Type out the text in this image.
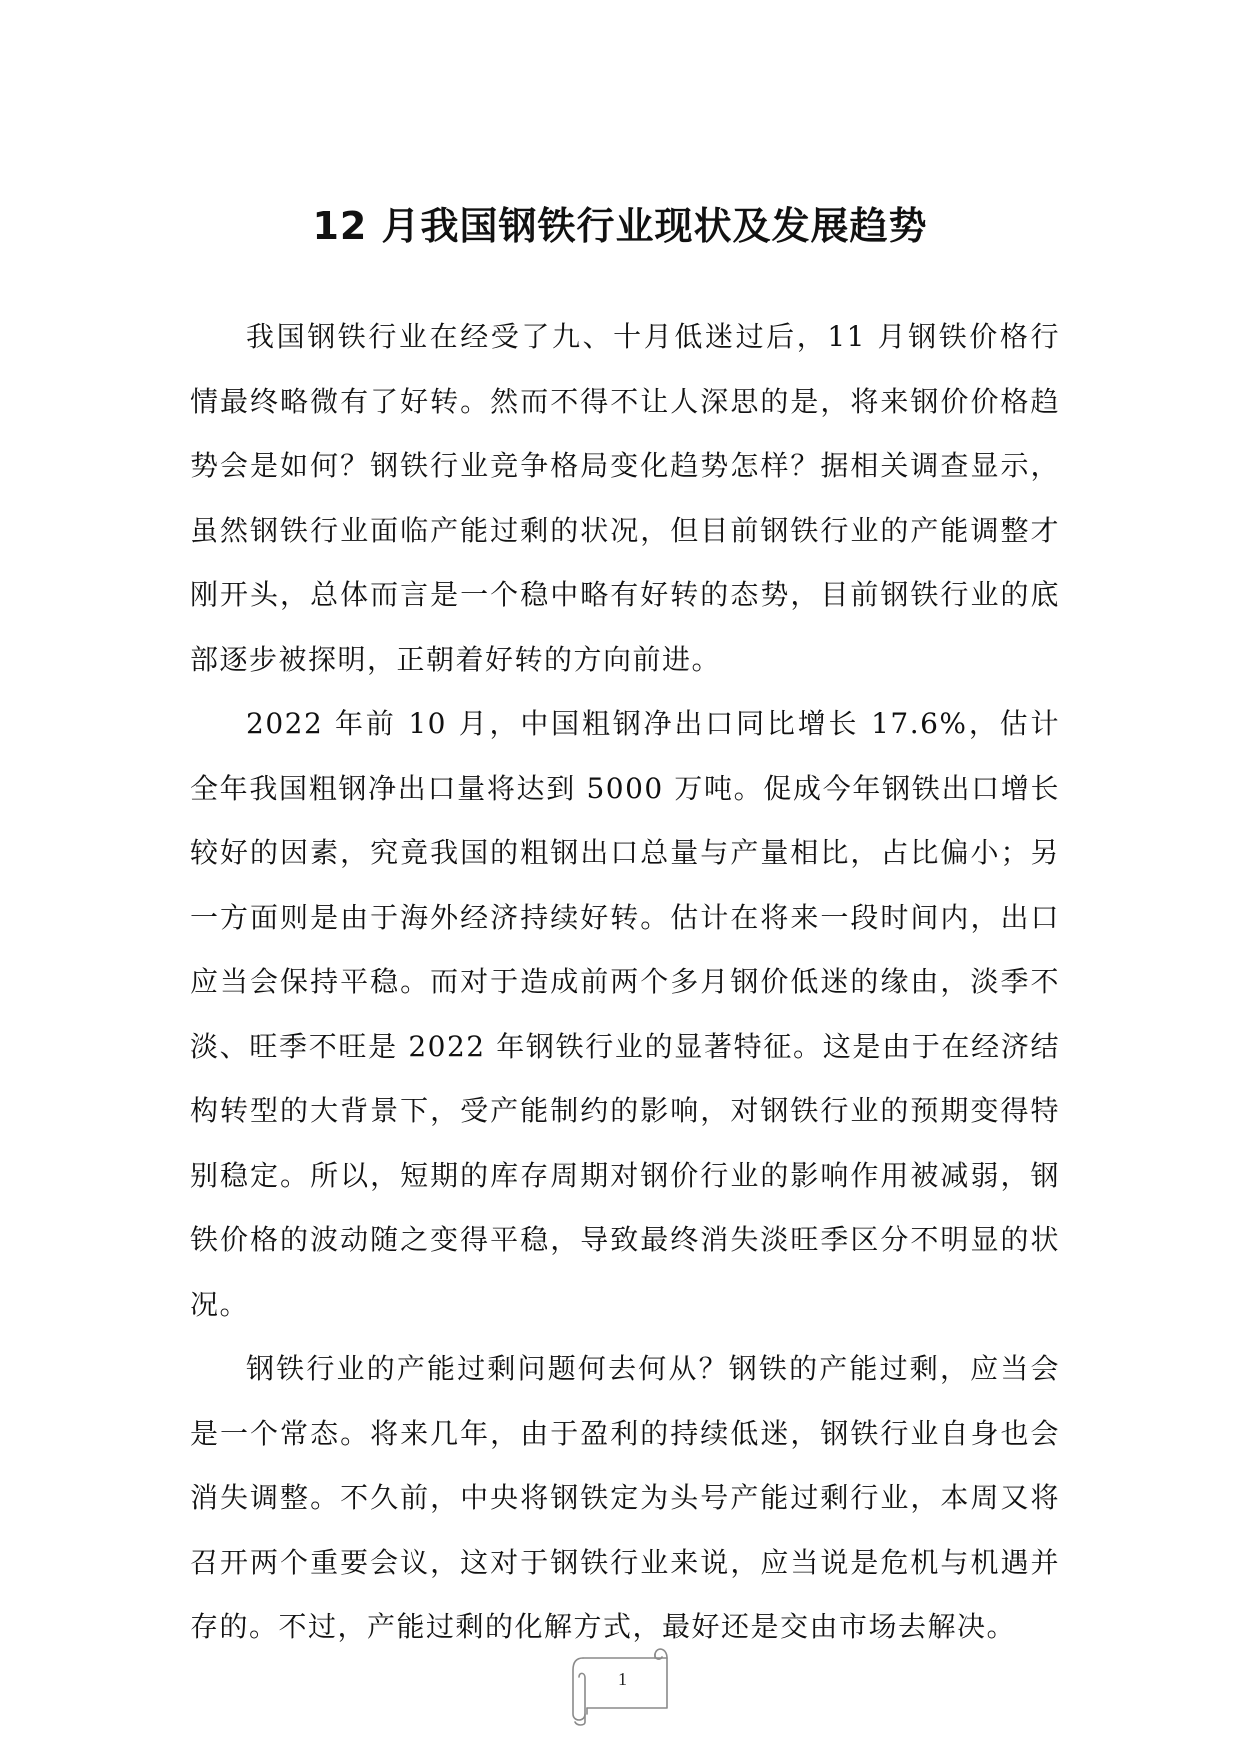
12 月我国钢铁行业现状及发展趋势

我国钢铁行业在经受了九、十月低迷过后，11 月钢铁价格行情最终略微有了好转。然而不得不让人深思的是，将来钢价价格趋势会是如何？钢铁行业竞争格局变化趋势怎样？据相关调查显示，虽然钢铁行业面临产能过剩的状况，但目前钢铁行业的产能调整才刚开头，总体而言是一个稳中略有好转的态势，目前钢铁行业的底部逐步被探明，正朝着好转的方向前进。

2022 年前 10 月，中国粗钢净出口同比增长 17.6%，估计全年我国粗钢净出口量将达到 5000 万吨。促成今年钢铁出口增长较好的因素，究竟我国的粗钢出口总量与产量相比，占比偏小；另一方面则是由于海外经济持续好转。估计在将来一段时间内，出口应当会保持平稳。而对于造成前两个多月钢价低迷的缘由，淡季不淡、旺季不旺是 2022 年钢铁行业的显著特征。这是由于在经济结构转型的大背景下，受产能制约的影响，对钢铁行业的预期变得特别稳定。所以，短期的库存周期对钢价行业的影响作用被减弱，钢铁价格的波动随之变得平稳，导致最终消失淡旺季区分不明显的状况。

钢铁行业的产能过剩问题何去何从？钢铁的产能过剩，应当会是一个常态。将来几年，由于盈利的持续低迷，钢铁行业自身也会消失调整。不久前，中央将钢铁定为头号产能过剩行业，本周又将召开两个重要会议，这对于钢铁行业来说，应当说是危机与机遇并存的。不过，产能过剩的化解方式，最好还是交由市场去解决。

1
